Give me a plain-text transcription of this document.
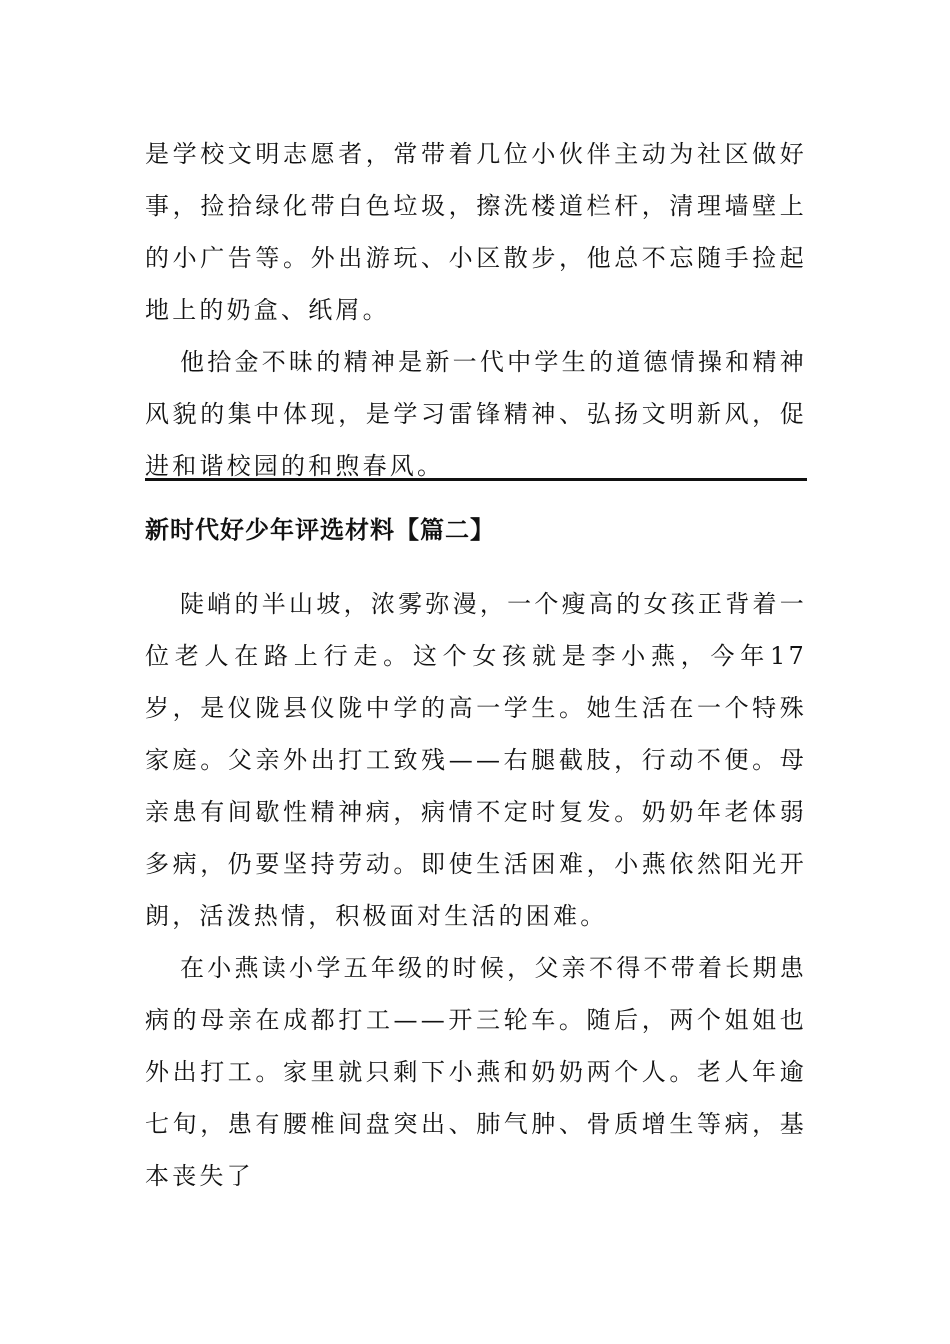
是学校文明志愿者，常带着几位小伙伴主动为社区做好事，捡拾绿化带白色垃圾，擦洗楼道栏杆，清理墙壁上的小广告等。外出游玩、小区散步，他总不忘随手捡起地上的奶盒、纸屑。

他拾金不昧的精神是新一代中学生的道德情操和精神风貌的集中体现，是学习雷锋精神、弘扬文明新风，促进和谐校园的和煦春风。

新时代好少年评选材料【篇二】

陡峭的半山坡，浓雾弥漫，一个瘦高的女孩正背着一位老人在路上行走。这个女孩就是李小燕，今年17岁，是仪陇县仪陇中学的高一学生。她生活在一个特殊家庭。父亲外出打工致残——右腿截肢，行动不便。母亲患有间歇性精神病，病情不定时复发。奶奶年老体弱多病，仍要坚持劳动。即使生活困难，小燕依然阳光开朗，活泼热情，积极面对生活的困难。

在小燕读小学五年级的时候，父亲不得不带着长期患病的母亲在成都打工——开三轮车。随后，两个姐姐也外出打工。家里就只剩下小燕和奶奶两个人。老人年逾七旬，患有腰椎间盘突出、肺气肿、骨质增生等病，基本丧失了
